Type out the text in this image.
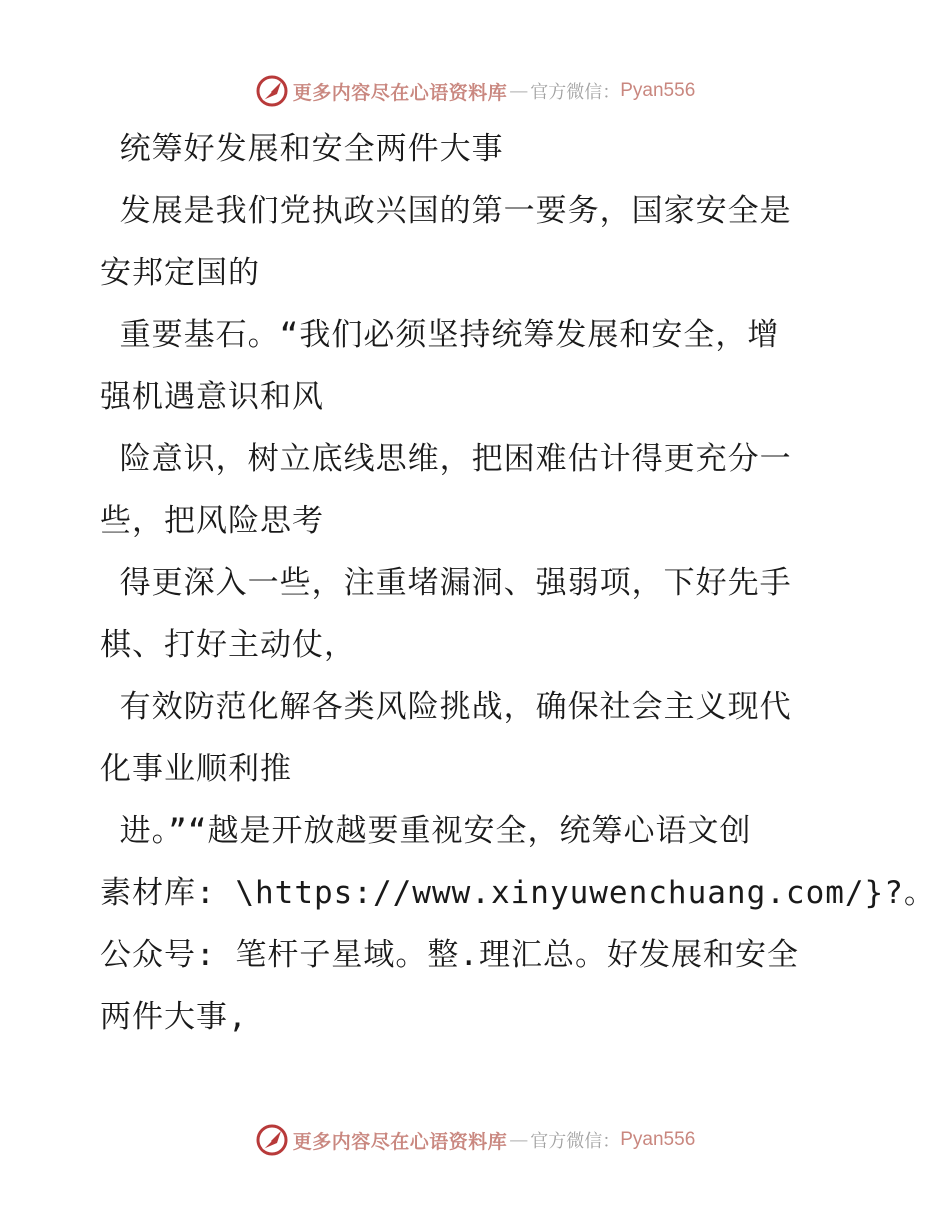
更多内容尽在心语资料库 — 官方微信： Pyan556
统筹好发展和安全两件大事
发展是我们党执政兴国的第一要务，国家安全是
安邦定国的
重要基石。“我们必须坚持统筹发展和安全，增
强机遇意识和风
险意识，树立底线思维，把困难估计得更充分一
些，把风险思考
得更深入一些，注重堵漏洞、强弱项，下好先手
棋、打好主动仗，
有效防范化解各类风险挑战，确保社会主义现代
化事业顺利推
进。”“越是开放越要重视安全，统筹心语文创
素材库: \https://www.xinyuwenchuang.com/}?。
公众号: 笔杆子星域。整.理汇总。好发展和安全
两件大事,
更多内容尽在心语资料库 — 官方微信： Pyan556
